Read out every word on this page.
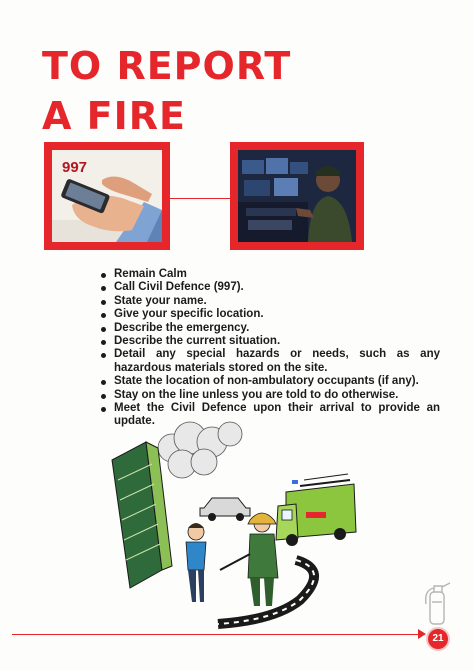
TO REPORT
A FIRE
997
Remain Calm
Call Civil Defence (997).
State your name.
Give your specific location.
Describe the emergency.
Describe the current situation.
Detail any special hazards or needs, such as any hazardous materials stored on the site.
State the location of non-ambulatory occupants (if any).
Stay on the line unless you are told to do otherwise.
Meet the Civil Defence upon their arrival to provide an update.
21
